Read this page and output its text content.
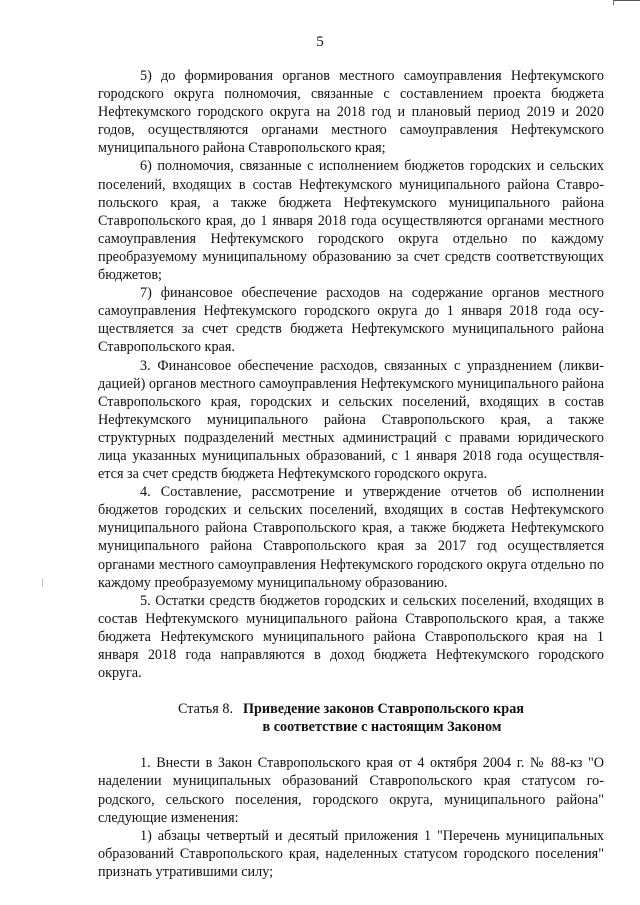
5

5) до формирования органов местного самоуправления Нефтекумского городского округа полномочия, связанные с составлением проекта бюджета Нефтекумского городского округа на 2018 год и плановый период 2019 и 2020 годов, осуществляются органами местного самоуправления Нефтекумского муниципального района Ставропольского края;

6) полномочия, связанные с исполнением бюджетов городских и сельских поселений, входящих в состав Нефтекумского муниципального района Ставропольского края, а также бюджета Нефтекумского муниципального района Ставропольского края, до 1 января 2018 года осуществляются органами местного самоуправления Нефтекумского городского округа отдельно по каждому преобразуемому муниципальному образованию за счет средств соответствующих бюджетов;

7) финансовое обеспечение расходов на содержание органов местного самоуправления Нефтекумского городского округа до 1 января 2018 года осуществляется за счет средств бюджета Нефтекумского муниципального района Ставропольского края.

3. Финансовое обеспечение расходов, связанных с упразднением (ликвидацией) органов местного самоуправления Нефтекумского муниципального района Ставропольского края, городских и сельских поселений, входящих в состав Нефтекумского муниципального района Ставропольского края, а также структурных подразделений местных администраций с правами юридического лица указанных муниципальных образований, с 1 января 2018 года осуществляется за счет средств бюджета Нефтекумского городского округа.

4. Составление, рассмотрение и утверждение отчетов об исполнении бюджетов городских и сельских поселений, входящих в состав Нефтекумского муниципального района Ставропольского края, а также бюджета Нефтекумского муниципального района Ставропольского края за 2017 год осуществляется органами местного самоуправления Нефтекумского городского округа отдельно по каждому преобразуемому муниципальному образованию.

5. Остатки средств бюджетов городских и сельских поселений, входящих в состав Нефтекумского муниципального района Ставропольского края, а также бюджета Нефтекумского муниципального района Ставропольского края на 1 января 2018 года направляются в доход бюджета Нефтекумского городского округа.

Статья 8. Приведение законов Ставропольского края
в соответствие с настоящим Законом

1. Внести в Закон Ставропольского края от 4 октября 2004 г. № 88-кз "О наделении муниципальных образований Ставропольского края статусом городского, сельского поселения, городского округа, муниципального района" следующие изменения:

1) абзацы четвертый и десятый приложения 1 "Перечень муниципальных образований Ставропольского края, наделенных статусом городского поселения" признать утратившими силу;
